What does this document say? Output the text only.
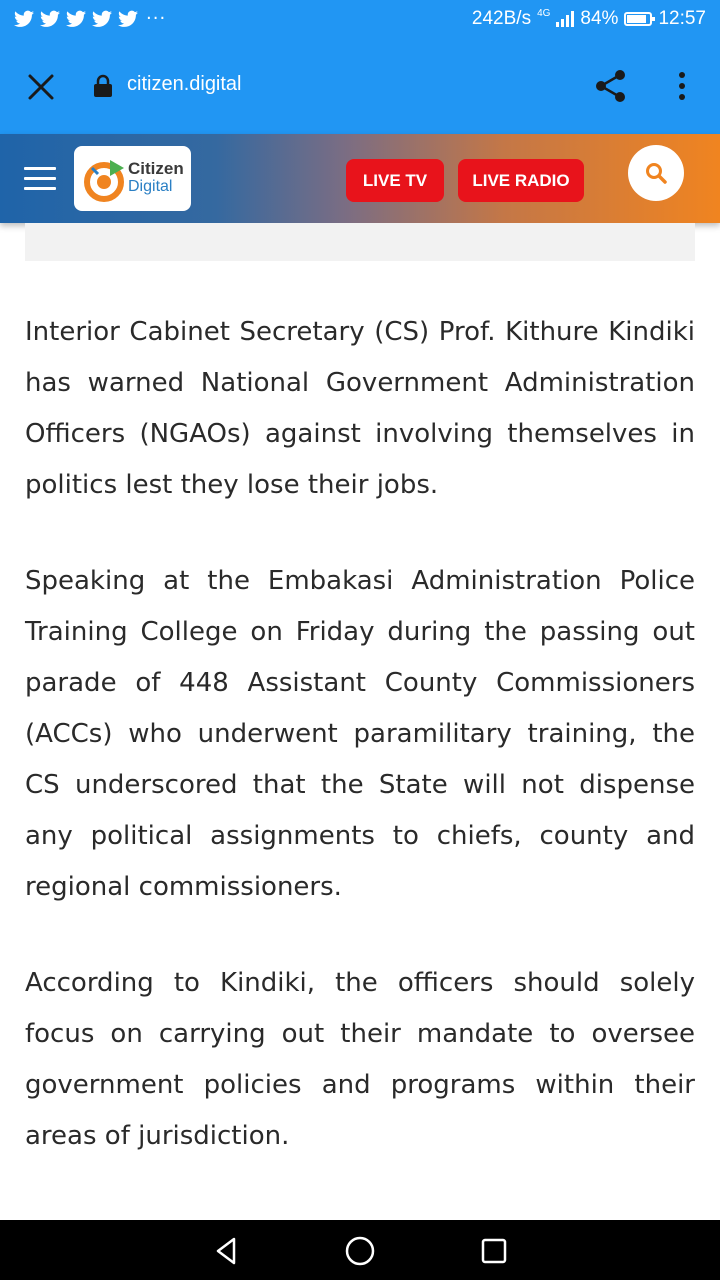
···	242B/s 4G 84% 12:57
citizen.digital
Citizen
Digital	LIVE TV	LIVE RADIO

Interior Cabinet Secretary (CS) Prof. Kithure Kindiki has warned National Government Administration Officers (NGAOs) against involving themselves in politics lest they lose their jobs.

Speaking at the Embakasi Administration Police Training College on Friday during the passing out parade of 448 Assistant County Commissioners (ACCs) who underwent paramilitary training, the CS underscored that the State will not dispense any political assignments to chiefs, county and regional commissioners.

According to Kindiki, the officers should solely focus on carrying out their mandate to oversee government policies and programs within their areas of jurisdiction.
